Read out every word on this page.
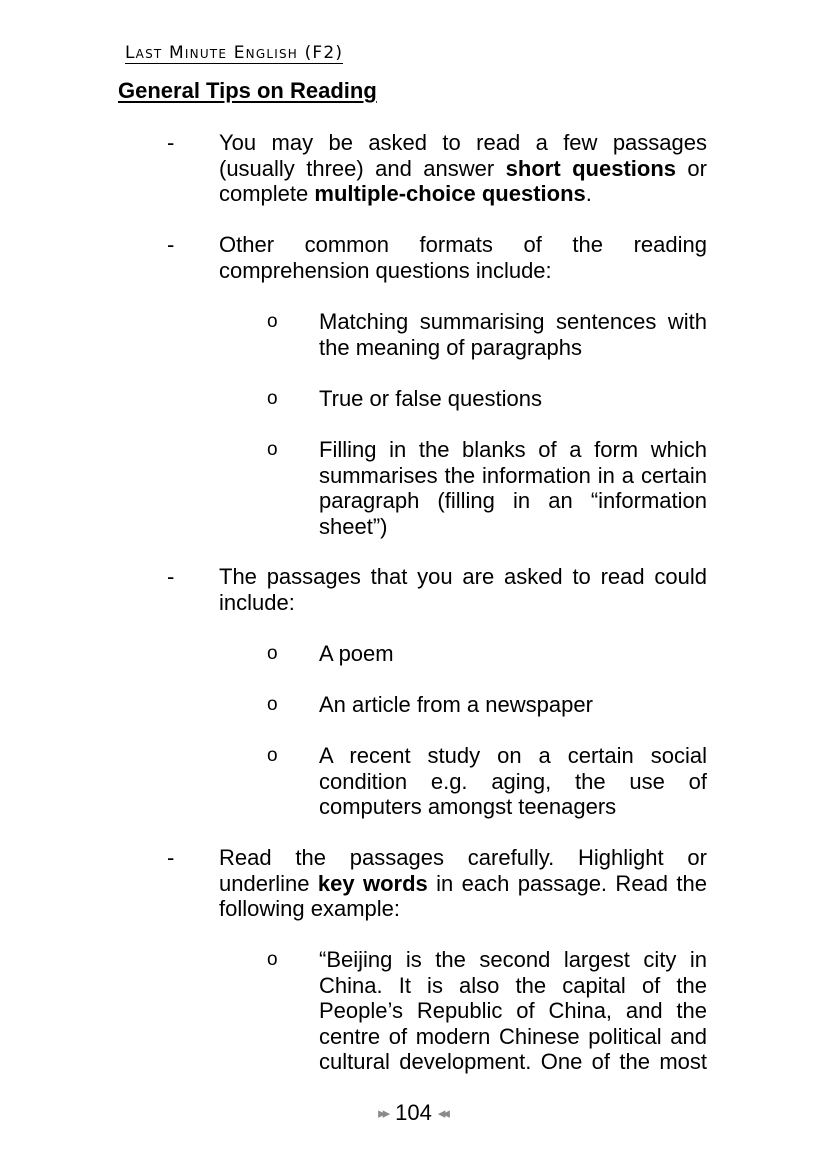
Last Minute English (F2)
General Tips on Reading
- You may be asked to read a few passages (usually three) and answer short questions or complete multiple-choice questions.
- Other common formats of the reading comprehension questions include:
o Matching summarising sentences with the meaning of paragraphs
o True or false questions
o Filling in the blanks of a form which summarises the information in a certain paragraph (filling in an “information sheet”)
- The passages that you are asked to read could include:
o A poem
o An article from a newspaper
o A recent study on a certain social condition e.g. aging, the use of computers amongst teenagers
- Read the passages carefully. Highlight or underline key words in each passage. Read the following example:
o “Beijing is the second largest city in China. It is also the capital of the People’s Republic of China, and the centre of modern Chinese political and cultural development. One of the most
▸▸ 104 ◂◂
